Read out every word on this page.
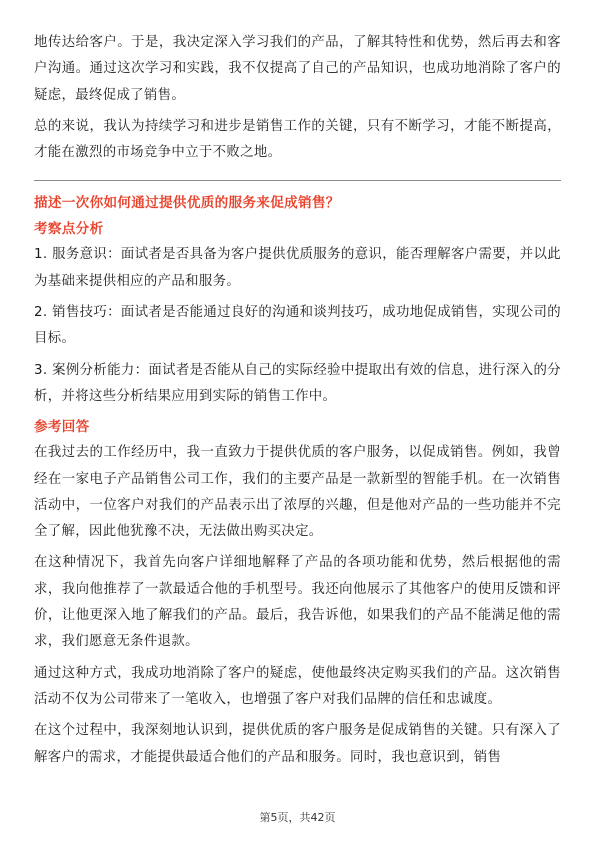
地传达给客户。于是，我决定深入学习我们的产品，了解其特性和优势，然后再去和客户沟通。通过这次学习和实践，我不仅提高了自己的产品知识，也成功地消除了客户的疑虑，最终促成了销售。

总的来说，我认为持续学习和进步是销售工作的关键，只有不断学习，才能不断提高，才能在激烈的市场竞争中立于不败之地。

描述一次你如何通过提供优质的服务来促成销售？
考察点分析

1. 服务意识：面试者是否具备为客户提供优质服务的意识，能否理解客户需要，并以此为基础来提供相应的产品和服务。

2. 销售技巧：面试者是否能通过良好的沟通和谈判技巧，成功地促成销售，实现公司的目标。

3. 案例分析能力：面试者是否能从自己的实际经验中提取出有效的信息，进行深入的分析，并将这些分析结果应用到实际的销售工作中。

参考回答

在我过去的工作经历中，我一直致力于提供优质的客户服务，以促成销售。例如，我曾经在一家电子产品销售公司工作，我们的主要产品是一款新型的智能手机。在一次销售活动中，一位客户对我们的产品表示出了浓厚的兴趣，但是他对产品的一些功能并不完全了解，因此他犹豫不决，无法做出购买决定。

在这种情况下，我首先向客户详细地解释了产品的各项功能和优势，然后根据他的需求，我向他推荐了一款最适合他的手机型号。我还向他展示了其他客户的使用反馈和评价，让他更深入地了解我们的产品。最后，我告诉他，如果我们的产品不能满足他的需求，我们愿意无条件退款。

通过这种方式，我成功地消除了客户的疑虑，使他最终决定购买我们的产品。这次销售活动不仅为公司带来了一笔收入，也增强了客户对我们品牌的信任和忠诚度。

在这个过程中，我深刻地认识到，提供优质的客户服务是促成销售的关键。只有深入了解客户的需求，才能提供最适合他们的产品和服务。同时，我也意识到，销售

第5页，共42页
